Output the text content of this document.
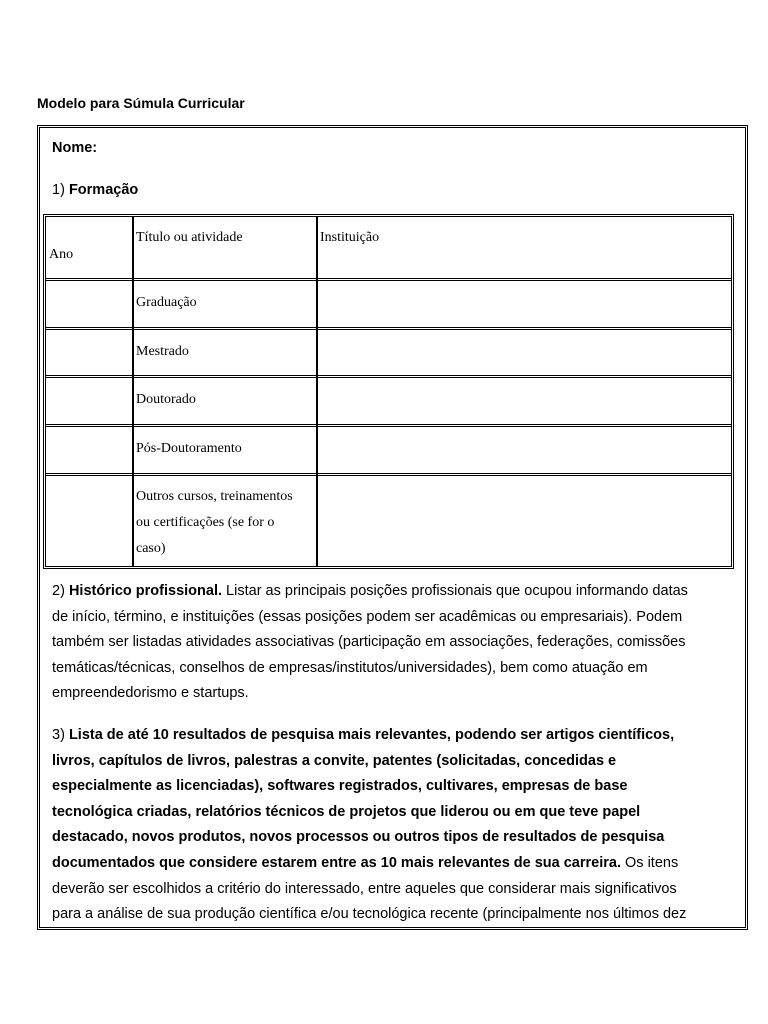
Modelo para Súmula Curricular
Nome:
1) Formação
Ano
Título ou atividade	Instituição
Graduação
Mestrado
Doutorado
Pós-Doutoramento
Outros cursos, treinamentos
ou certificações (se for o
caso)
2) Histórico profissional. Listar as principais posições profissionais que ocupou informando datas
de início, término, e instituições (essas posições podem ser acadêmicas ou empresariais). Podem
também ser listadas atividades associativas (participação em associações, federações, comissões
temáticas/técnicas, conselhos de empresas/institutos/universidades), bem como atuação em
empreendedorismo e startups.
3) Lista de até 10 resultados de pesquisa mais relevantes, podendo ser artigos científicos,
livros, capítulos de livros, palestras a convite, patentes (solicitadas, concedidas e
especialmente as licenciadas), softwares registrados, cultivares, empresas de base
tecnológica criadas, relatórios técnicos de projetos que liderou ou em que teve papel
destacado, novos produtos, novos processos ou outros tipos de resultados de pesquisa
documentados que considere estarem entre as 10 mais relevantes de sua carreira. Os itens
deverão ser escolhidos a critério do interessado, entre aqueles que considerar mais significativos
para a análise de sua produção científica e/ou tecnológica recente (principalmente nos últimos dez
